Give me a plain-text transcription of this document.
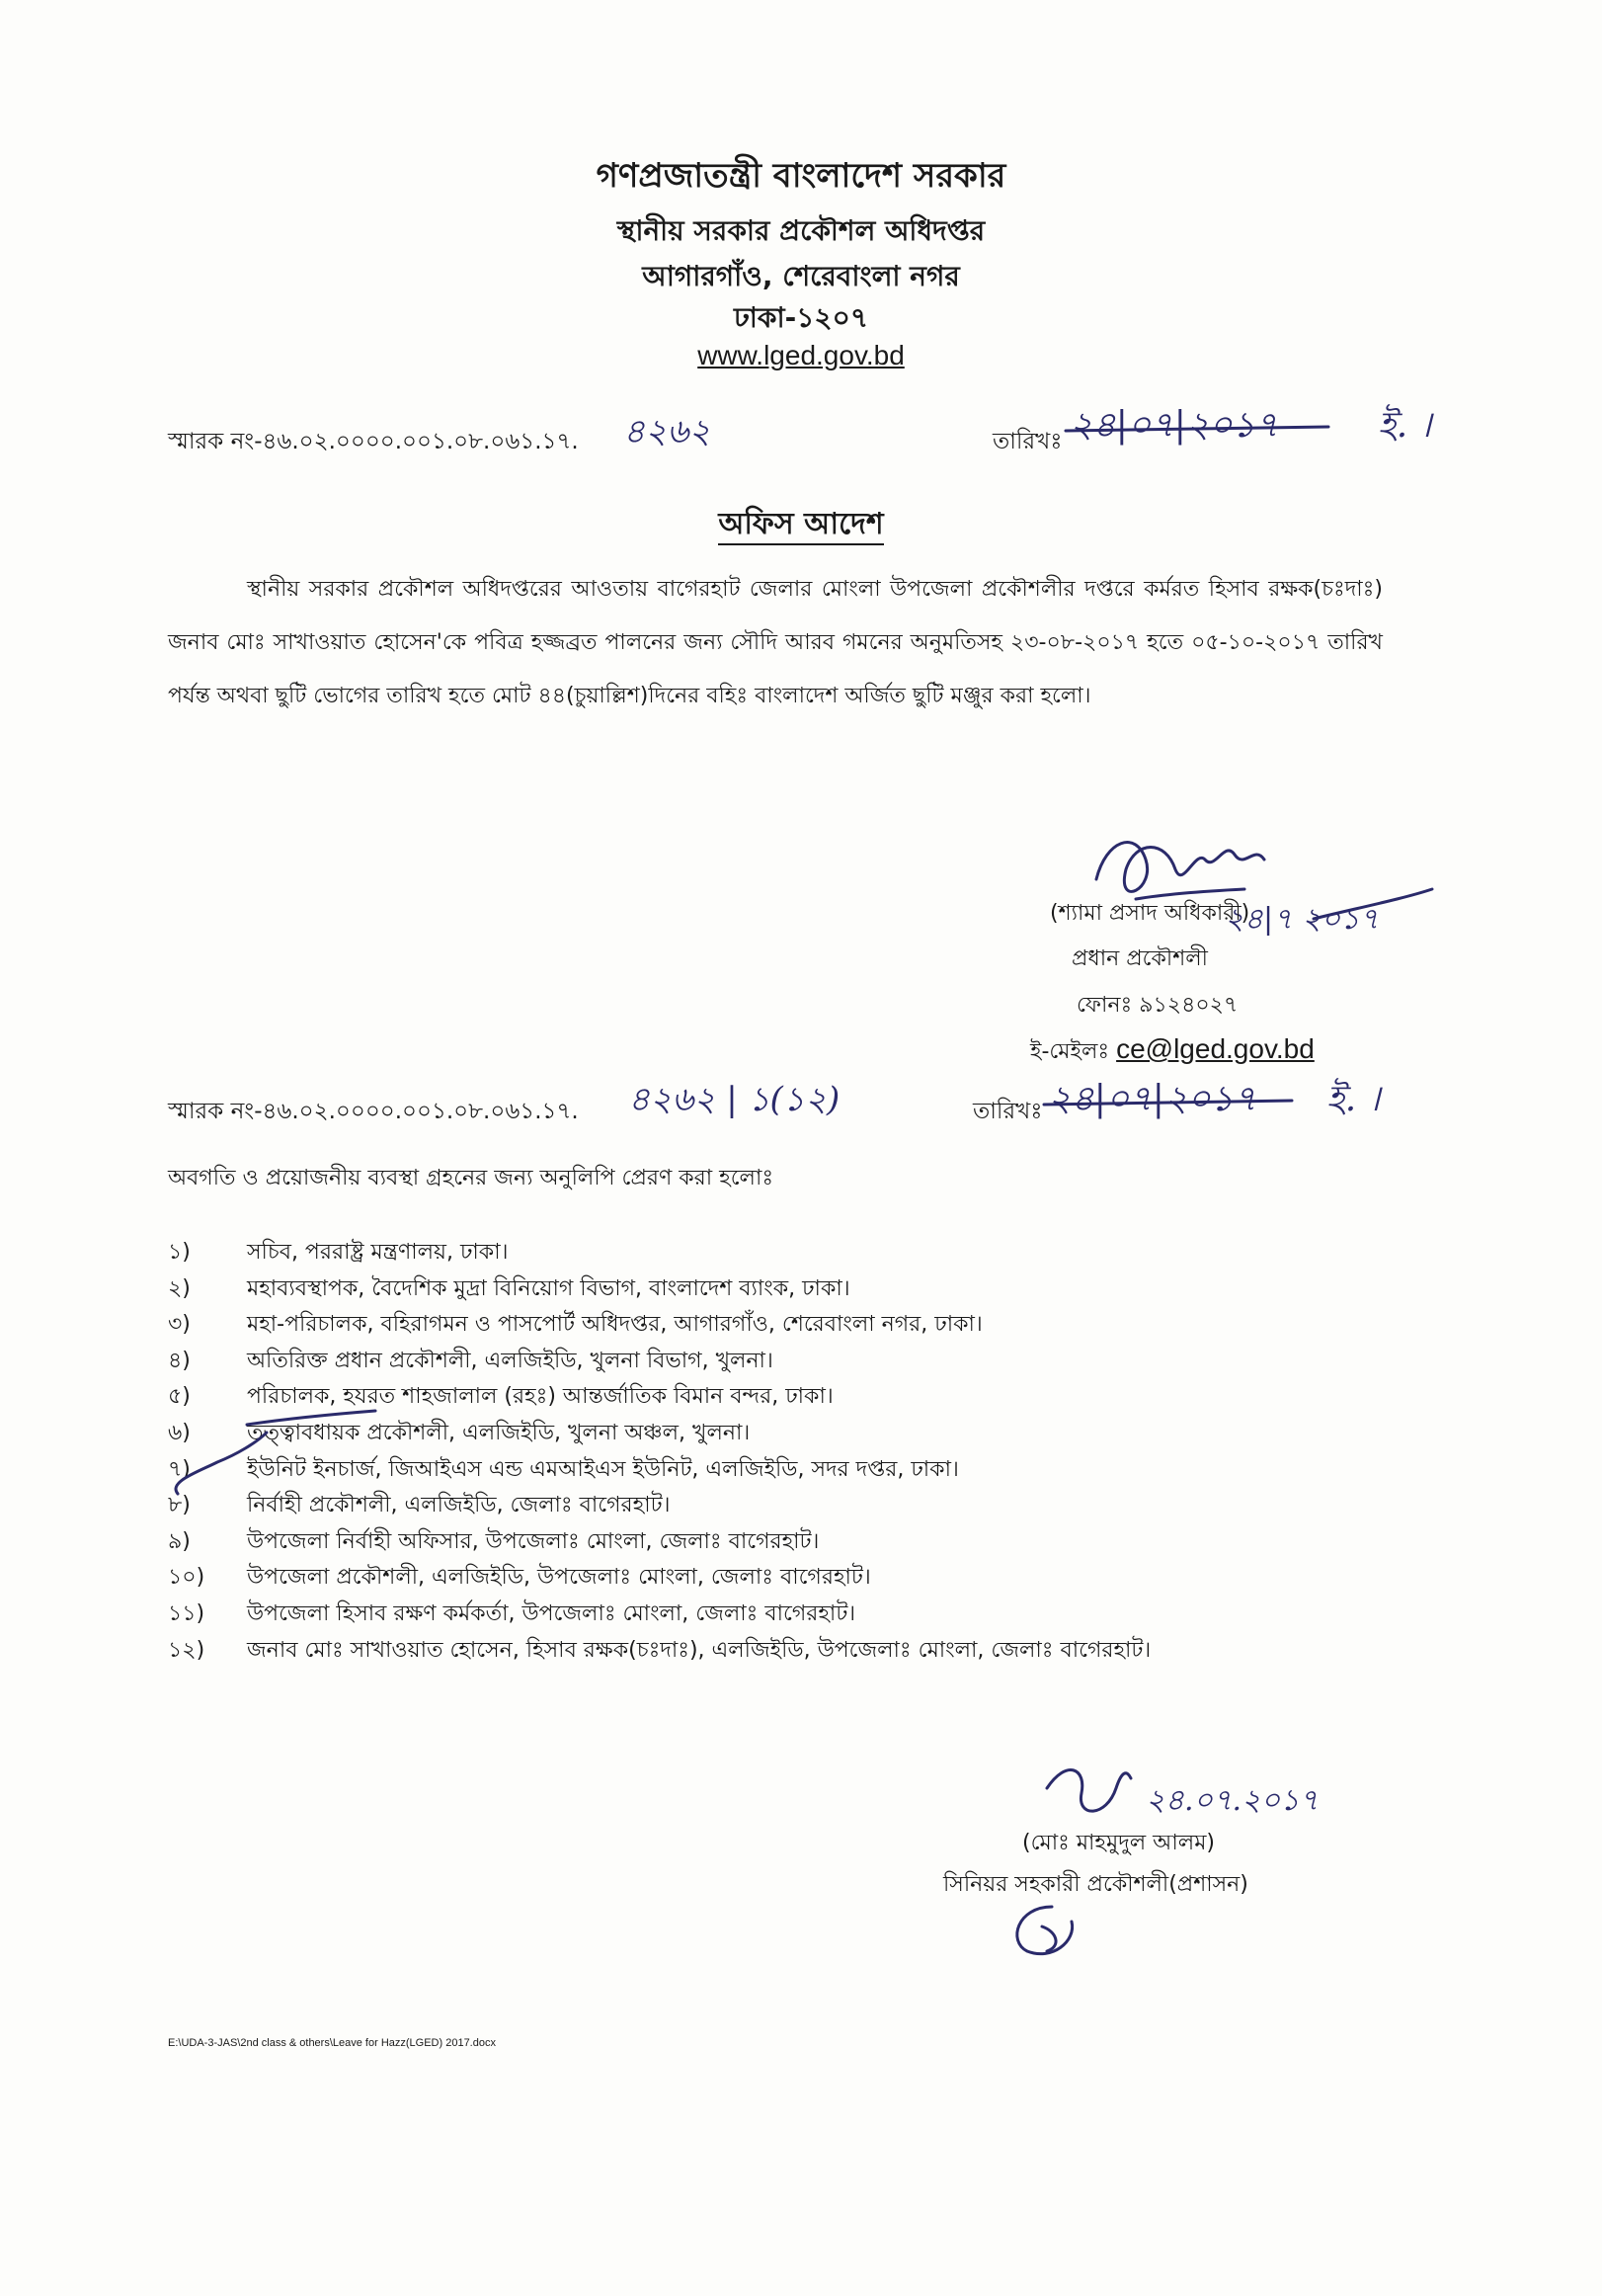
গণপ্রজাতন্ত্রী বাংলাদেশ সরকার
স্থানীয় সরকার প্রকৌশল অধিদপ্তর
আগারগাঁও, শেরেবাংলা নগর
ঢাকা-১২০৭
www.lged.gov.bd
স্মারক নং-৪৬.০২.০০০০.০০১.০৮.০৬১.১৭. ৪২৬২	তারিখঃ ২৪|০৭|২০১৭	ই. ।
অফিস আদেশ

স্থানীয় সরকার প্রকৌশল অধিদপ্তরের আওতায় বাগেরহাট জেলার মোংলা উপজেলা প্রকৌশলীর দপ্তরে কর্মরত হিসাব রক্ষক(চঃদাঃ) জনাব মোঃ সাখাওয়াত হোসেন'কে পবিত্র হজ্জব্রত পালনের জন্য সৌদি আরব গমনের অনুমতিসহ ২৩-০৮-২০১৭ হতে ০৫-১০-২০১৭ তারিখ পর্যন্ত অথবা ছুটি ভোগের তারিখ হতে মোট ৪৪(চুয়াল্লিশ)দিনের বহিঃ বাংলাদেশ অর্জিত ছুটি মঞ্জুর করা হলো।

২৪|৭ ২০১৭
(শ্যামা প্রসাদ অধিকারী)
প্রধান প্রকৌশলী
ফোনঃ ৯১২৪০২৭
ই-মেইলঃ ce@lged.gov.bd
স্মারক নং-৪৬.০২.০০০০.০০১.০৮.০৬১.১৭. ৪২৬২ | ১(১২)	তারিখঃ ২৪|০৭|২০১৭ ই. ।
অবগতি ও প্রয়োজনীয় ব্যবস্থা গ্রহনের জন্য অনুলিপি প্রেরণ করা হলোঃ
১)	সচিব, পররাষ্ট্র মন্ত্রণালয়, ঢাকা।
২)	মহাব্যবস্থাপক, বৈদেশিক মুদ্রা বিনিয়োগ বিভাগ, বাংলাদেশ ব্যাংক, ঢাকা।
৩)	মহা-পরিচালক, বহিরাগমন ও পাসপোর্ট অধিদপ্তর, আগারগাঁও, শেরেবাংলা নগর, ঢাকা।
৪)	অতিরিক্ত প্রধান প্রকৌশলী, এলজিইডি, খুলনা বিভাগ, খুলনা।
৫)	পরিচালক, হযরত শাহজালাল (রহঃ) আন্তর্জাতিক বিমান বন্দর, ঢাকা।
৬)	তত্ত্বাবধায়ক প্রকৌশলী, এলজিইডি, খুলনা অঞ্চল, খুলনা।
৭)	ইউনিট ইনচার্জ, জিআইএস এন্ড এমআইএস ইউনিট, এলজিইডি, সদর দপ্তর, ঢাকা।
৮)	নির্বাহী প্রকৌশলী, এলজিইডি, জেলাঃ বাগেরহাট।
৯)	উপজেলা নির্বাহী অফিসার, উপজেলাঃ মোংলা, জেলাঃ বাগেরহাট।
১০)	উপজেলা প্রকৌশলী, এলজিইডি, উপজেলাঃ মোংলা, জেলাঃ বাগেরহাট।
১১)	উপজেলা হিসাব রক্ষণ কর্মকর্তা, উপজেলাঃ মোংলা, জেলাঃ বাগেরহাট।
১২)	জনাব মোঃ সাখাওয়াত হোসেন, হিসাব রক্ষক(চঃদাঃ), এলজিইডি, উপজেলাঃ মোংলা, জেলাঃ বাগেরহাট।
২৪.০৭.২০১৭
(মোঃ মাহমুদুল আলম)
সিনিয়র সহকারী প্রকৌশলী(প্রশাসন)
E:\UDA-3-JAS\2nd class & others\Leave for Hazz(LGED) 2017.docx
